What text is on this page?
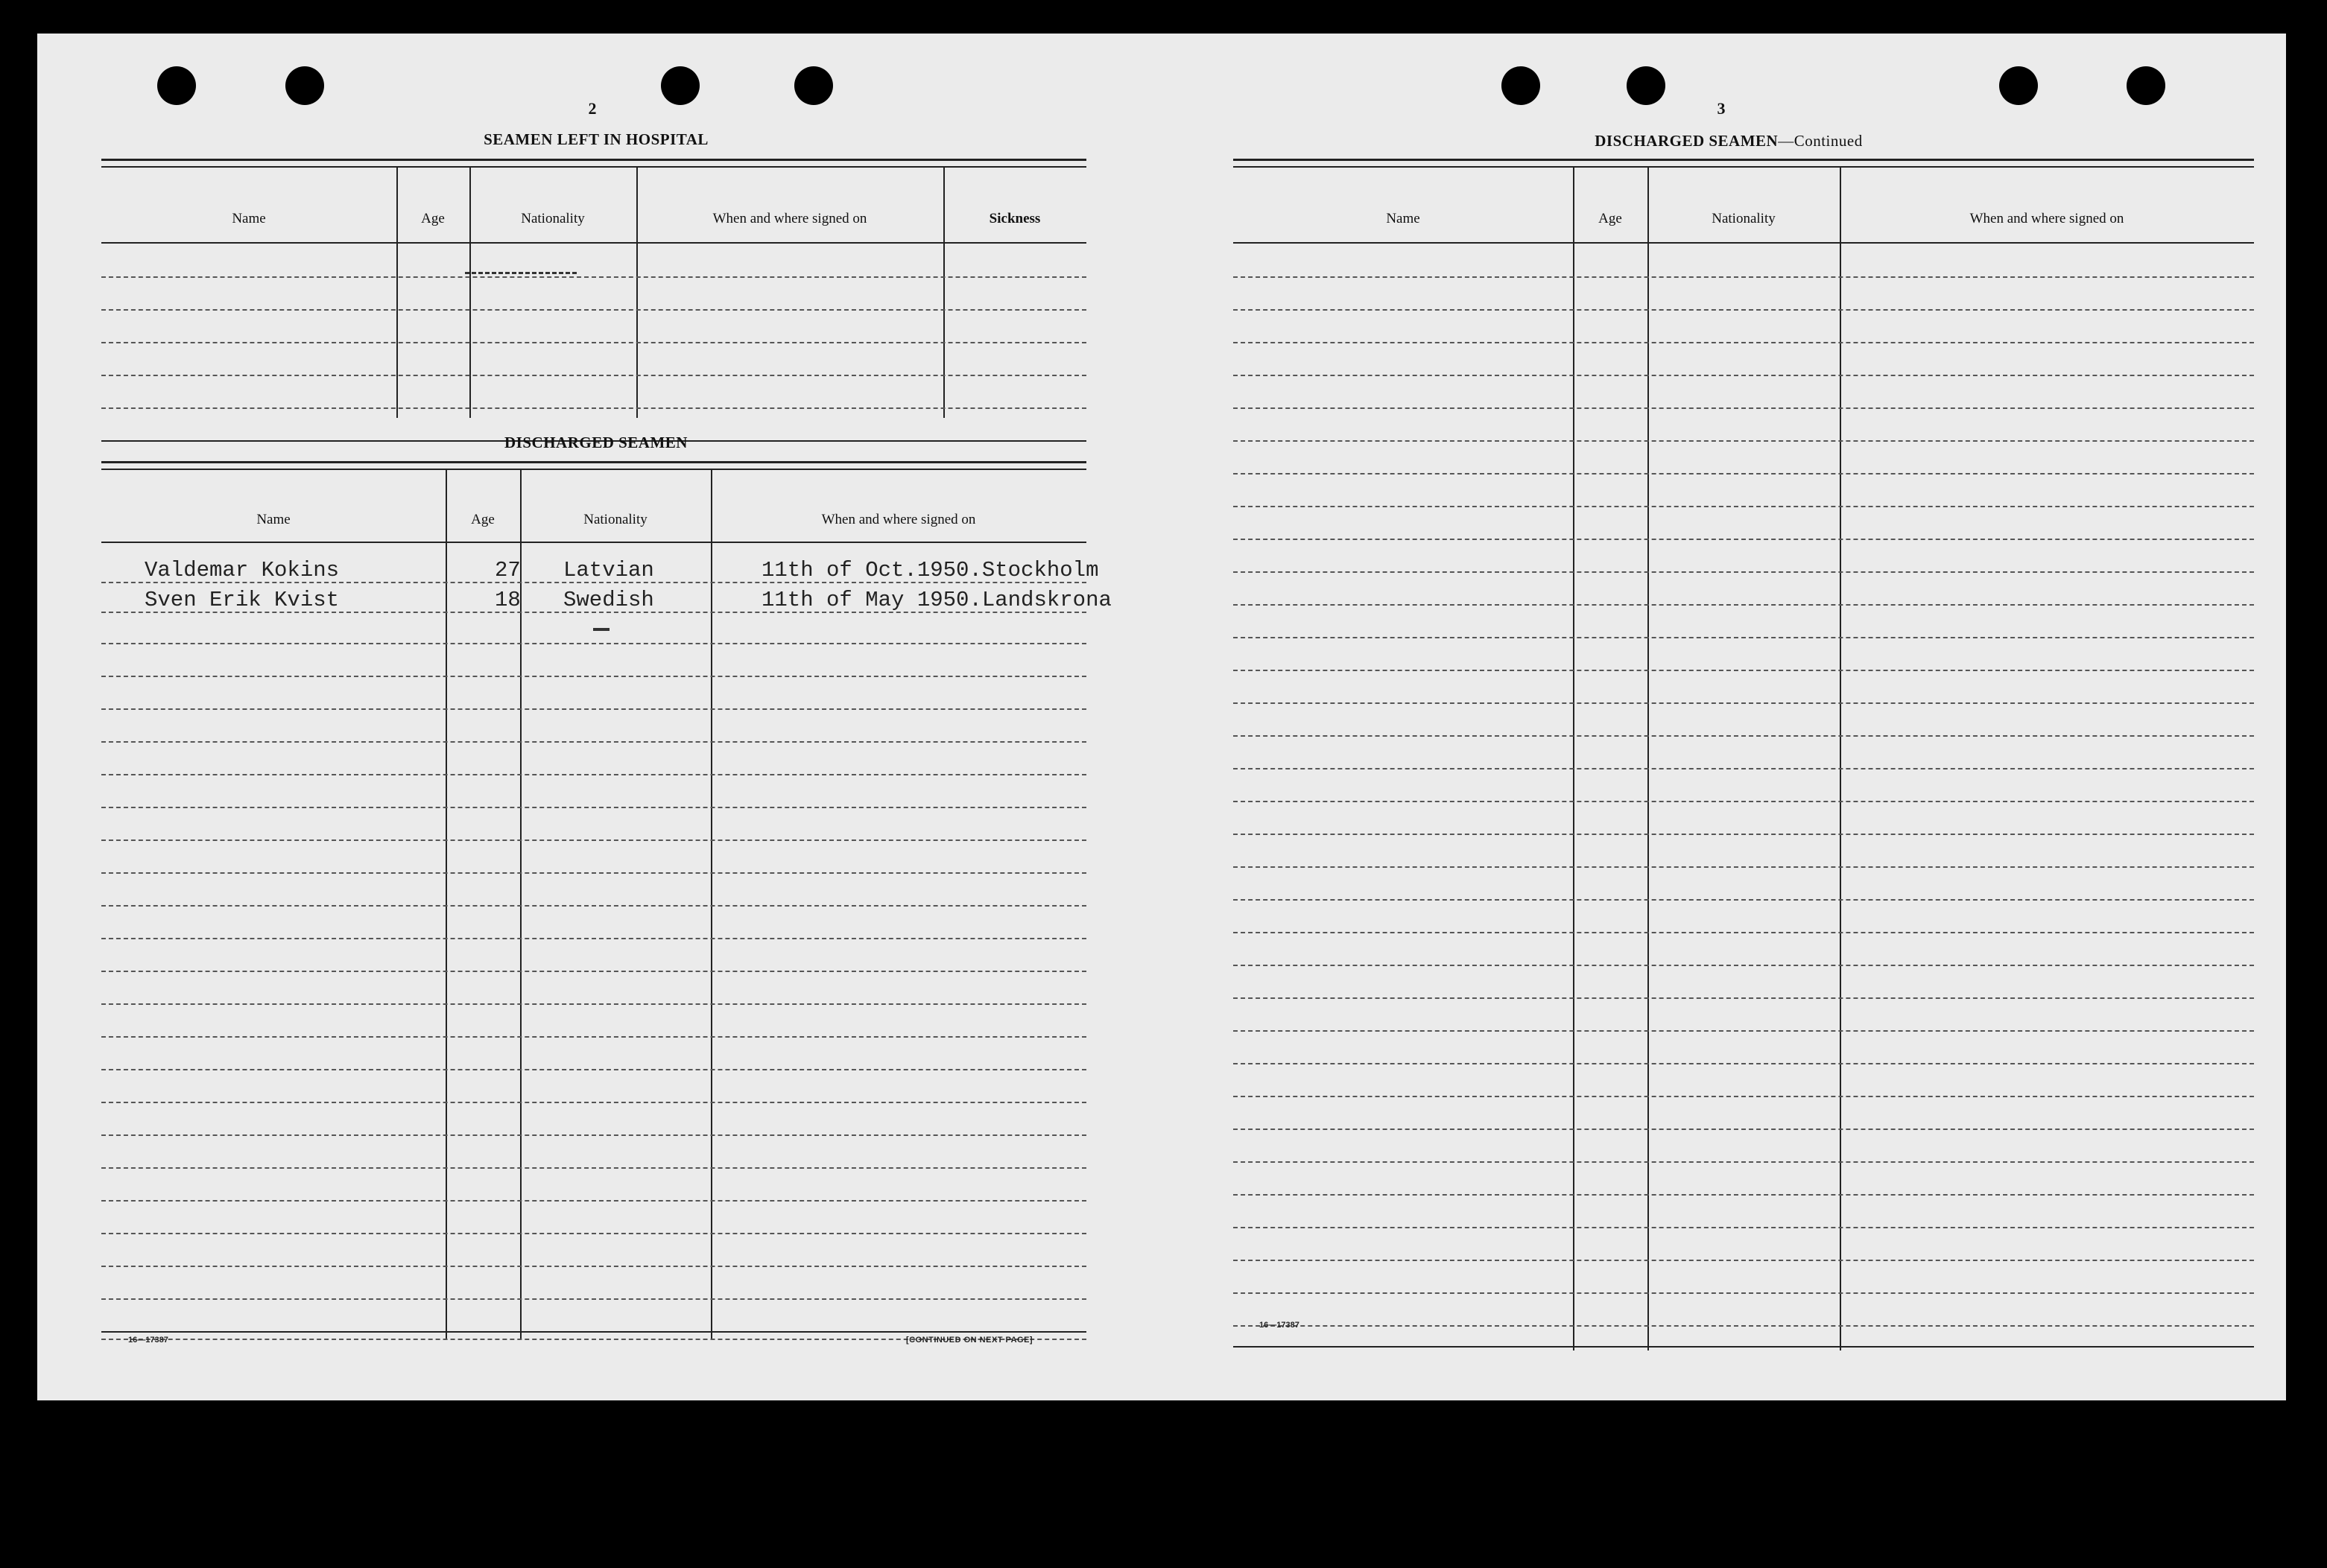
2
SEAMEN LEFT IN HOSPITAL
Name	Age	Nationality	When and where signed on	Sickness
DISCHARGED SEAMEN
Name	Age	Nationality	When and where signed on
Valdemar Kokins	27 Latvian	11th of Oct.1950.Stockholm
Sven Erik Kvist	18 Swedish	11th of May 1950.Landskrona
16—17387	[CONTINUED ON NEXT PAGE]
3
DISCHARGED SEAMEN—Continued
Name	Age	Nationality	When and where signed on
16—17387
